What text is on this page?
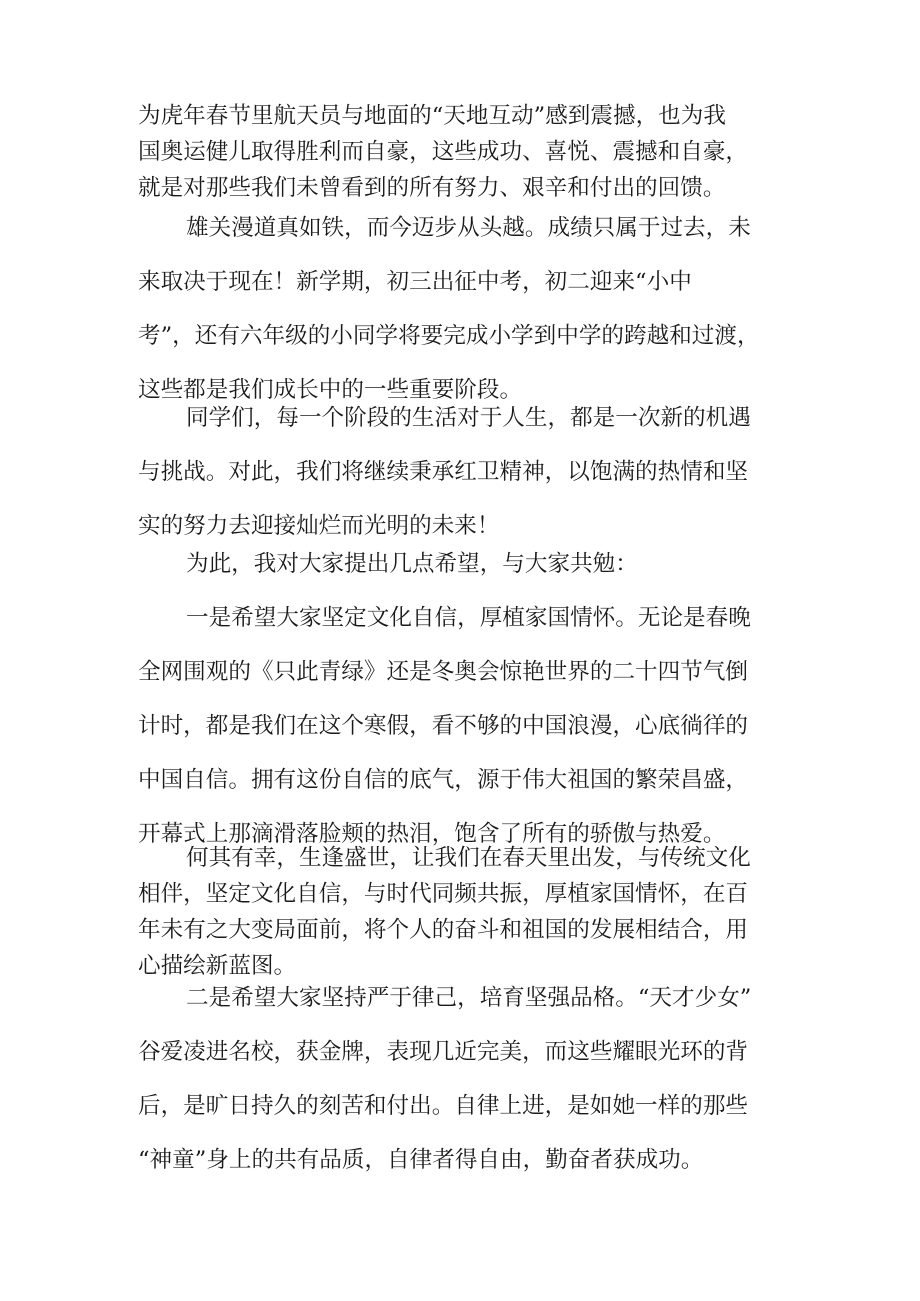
为虎年春节里航天员与地面的“天地互动”感到震撼，也为我
国奥运健儿取得胜利而自豪，这些成功、喜悦、震撼和自豪，
就是对那些我们未曾看到的所有努力、艰辛和付出的回馈。

雄关漫道真如铁，而今迈步从头越。成绩只属于过去，未
来取决于现在！新学期，初三出征中考，初二迎来“小中
考”，还有六年级的小同学将要完成小学到中学的跨越和过渡，
这些都是我们成长中的一些重要阶段。

同学们，每一个阶段的生活对于人生，都是一次新的机遇
与挑战。对此，我们将继续秉承红卫精神，以饱满的热情和坚
实的努力去迎接灿烂而光明的未来！

为此，我对大家提出几点希望，与大家共勉：

一是希望大家坚定文化自信，厚植家国情怀。无论是春晚
全网围观的《只此青绿》还是冬奥会惊艳世界的二十四节气倒
计时，都是我们在这个寒假，看不够的中国浪漫，心底徜徉的
中国自信。拥有这份自信的底气，源于伟大祖国的繁荣昌盛，
开幕式上那滴滑落脸颊的热泪，饱含了所有的骄傲与热爱。

何其有幸，生逢盛世，让我们在春天里出发，与传统文化
相伴，坚定文化自信，与时代同频共振，厚植家国情怀，在百
年未有之大变局面前，将个人的奋斗和祖国的发展相结合，用
心描绘新蓝图。

二是希望大家坚持严于律己，培育坚强品格。“天才少女”
谷爱凌进名校，获金牌，表现几近完美，而这些耀眼光环的背
后，是旷日持久的刻苦和付出。自律上进，是如她一样的那些
“神童”身上的共有品质，自律者得自由，勤奋者获成功。
